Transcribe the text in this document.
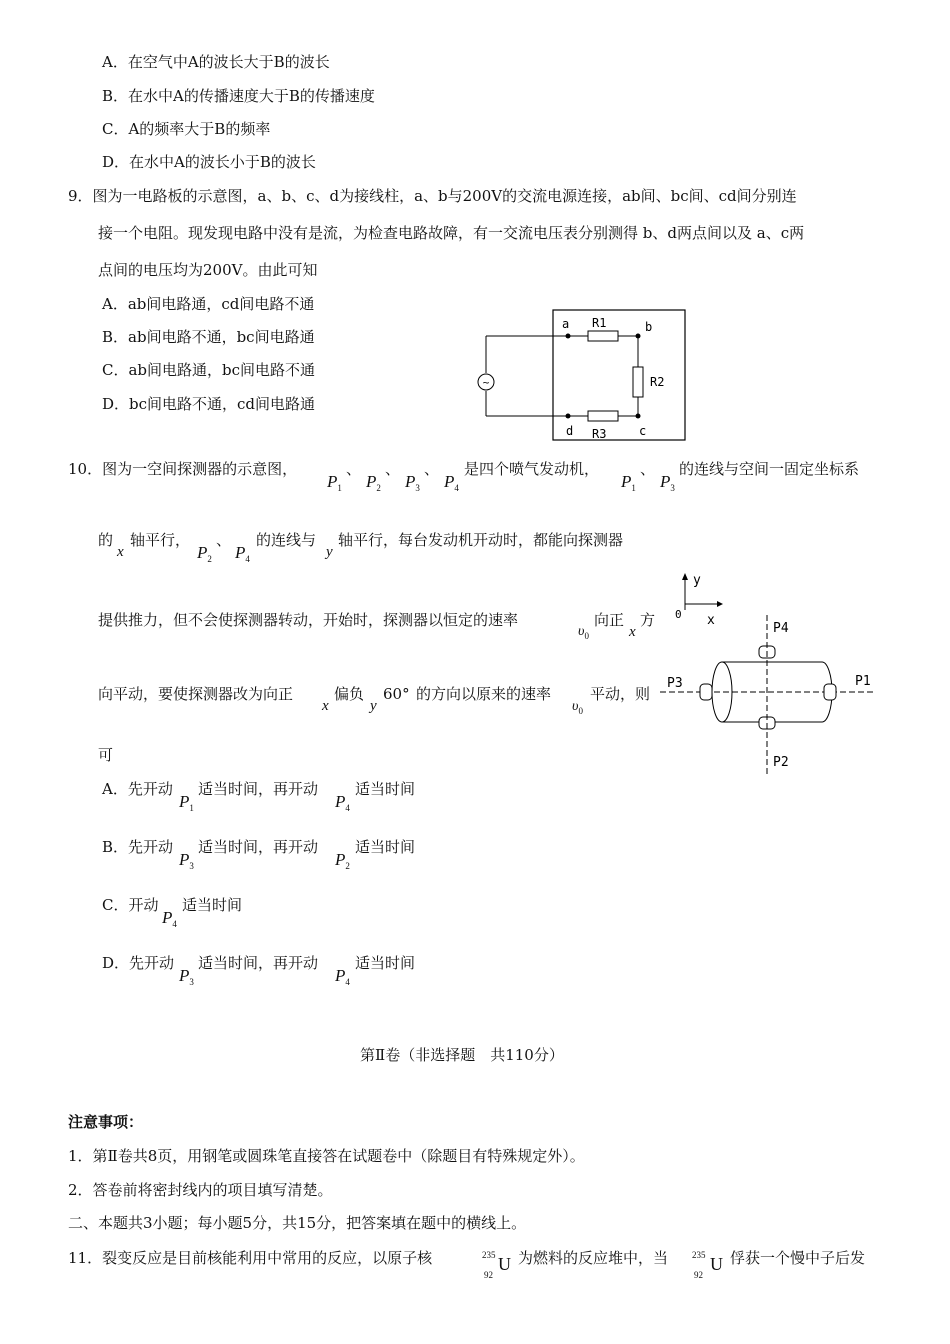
A．在空气中A的波长大于B的波长
B．在水中A的传播速度大于B的传播速度
C．A的频率大于B的频率
D．在水中A的波长小于B的波长
9．图为一电路板的示意图，a、b、c、d为接线柱，a、b与200V的交流电源连接，ab间、bc间、cd间分别连
接一个电阻。现发现电路中没有是流，为检查电路故障，有一交流电压表分别测得 b、d两点间以及 a、c两
点间的电压均为200V。由此可知
A．ab间电路通，cd间电路不通
B．ab间电路不通，bc间电路通
C．ab间电路通，bc间电路不通
D．bc间电路不通，cd间电路通
~
a	b
c
d
R1
R2
R3
10．图为一空间探测器的示意图，
$P_1$
、
$P_2$
、
$P_3$
、
$P_4$
是四个喷气发动机，
$P_1$
、
$P_3$
的连线与空间一固定坐标系
的
x
轴平行，
$P_2$
、
$P_4$
的连线与
y
轴平行，每台发动机开动时，都能向探测器
提供推力，但不会使探测器转动，开始时，探测器以恒定的速率
$\upsilon_0$
向正
x
方
向平动，要使探测器改为向正
x
偏负
y
60° 的方向以原来的速率
$\upsilon_0$
平动，则
可
A．先开动
$P_1$
适当时间，再开动
$P_4$
适当时间
B．先开动
$P_3$
适当时间，再开动
$P_2$
适当时间
C．开动
$P_4$
适当时间
D．先开动
$P_3$
适当时间，再开动
$P_4$
适当时间
y
x
0
P1
P2
P3
P4
第Ⅱ卷（非选择题　共110分）
注意事项：
1．第Ⅱ卷共8页，用钢笔或圆珠笔直接答在试题卷中（除题目有特殊规定外）。
2．答卷前将密封线内的项目填写清楚。
二、本题共3小题；每小题5分，共15分，把答案填在题中的横线上。
11．裂变反应是目前核能利用中常用的反应，以原子核	235
92
U 为燃料的反应堆中，当	235
92
U 俘获一个慢中子后发
